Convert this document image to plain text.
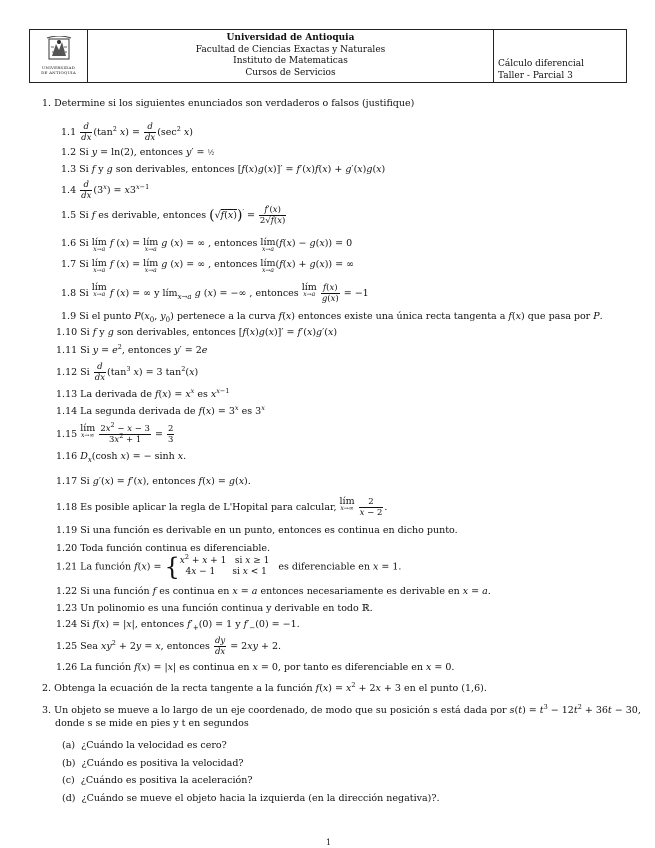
UNIVERSIDAD
DE ANTIOQUIA

Universidad de Antioquia
Facultad de Ciencias Exactas y Naturales
Instituto de Matematicas
Cursos de Servicios

Cálculo diferencial
Taller - Parcial 3
1. Determine si los siguientes enunciados son verdaderos o falsos (justifique)
$1.1 \frac{d}{dx} (\tan^2$ $x) = \frac{d}{dx} (\sec^2$ x)
1.2 Si y = ln(2), entonces y′ = ½
1.3 Si f y g son derivables, entonces [f(x)g(x)]′ = f′(x)f(x) + g′(x)g(x)
$1.4 \frac{d}{dx} (3^x) = x3^{x-1}$
1.5 Si f es derivable, entonces $(√f(x))' = \frac{f'(x)}{2√f(x)}$
1.6 Si lím
x→a
f (x) = lím
x→a
g (x) = ∞ , entonces lím
x→a
(f(x) − g(x)) = 0
1.7 Si lím
x→a
f (x) = lím
x→a
g (x) = ∞ , entonces lím
x→a
(f(x) + g(x)) = ∞
1.8 Si lím
x→a f (x) = ∞ y lím$_{x\to a}$ g (x) = −∞ , entonces lím
x→a
$\frac{f(x)}{g(x)} = -1$
1.9 Si el punto $P(x_0$, $y_0$) pertenece a la curva f(x) entonces existe una única recta tangenta a f(x) que pasa por P.
1.10 Si f y g son derivables, entonces [f(x)g(x)]′ = f′(x)g′(x)
1.11 Si $y = e^2$, entonces y′ = 2e
1.12 Si $\frac{d}{dx} (\tan^3$ x) = 3 $\tan^2(x)$
1.13 La derivada de $f(x) = x^x$ es $x^{x-1}$
1.14 La segunda derivada de $f(x) = 3^x$ es 3$^x$
1.15 lím
x→∞
$\frac{2x^2 - x - 3}{3x^2 + 1} = \frac{2}{3}$
1.16 $D_x(\cosh$ x) = − sinh x.
1.17 Si g′(x) = f′(x), entonces f(x) = g(x).
1.18 Es posible aplicar la regla de L'Hopital para calcular, lím
x→∞
$\frac{2}{x - 2}$ .
1.19 Si una función es derivable en un punto, entonces es continua en dicho punto.
1.20 Toda función continua es diferenciable.
1.21 La función $f(x) = \{x^2 + x + 1$   si x ≥ 1
4x − 1      si x < 1   es diferenciable en x = 1.
1.22 Si una función f es continua en x = a entonces necesariamente es derivable en x = a.
1.23 Un polinomio es una función continua y derivable en todo ℝ.
1.24 Si f(x) = |x|, entonces $f'_+(0) = 1$ y $f'_-(0) = -1$.
1.25 Sea $xy^2 + 2y = x$, entonces $\frac{dy}{dx} = 2xy + 2$.
1.26 La función f(x) = |x| es continua en x = 0, por tanto es diferenciable en x = 0.
2. Obtenga la ecuación de la recta tangente a la función $f(x) = x^2 + 2x + 3$ en el punto (1,6).
3. Un objeto se mueve a lo largo de un eje coordenado, de modo que su posición s está dada por $s(t) = t^3 - 12t^2 + 36t - 30$,
donde s se mide en pies y t en segundos
(a) ¿Cuándo la velocidad es cero?
(b) ¿Cuándo es positiva la velocidad?
(c) ¿Cuándo es positiva la aceleración?
(d) ¿Cuándo se mueve el objeto hacia la izquierda (en la dirección negativa)?.
1
